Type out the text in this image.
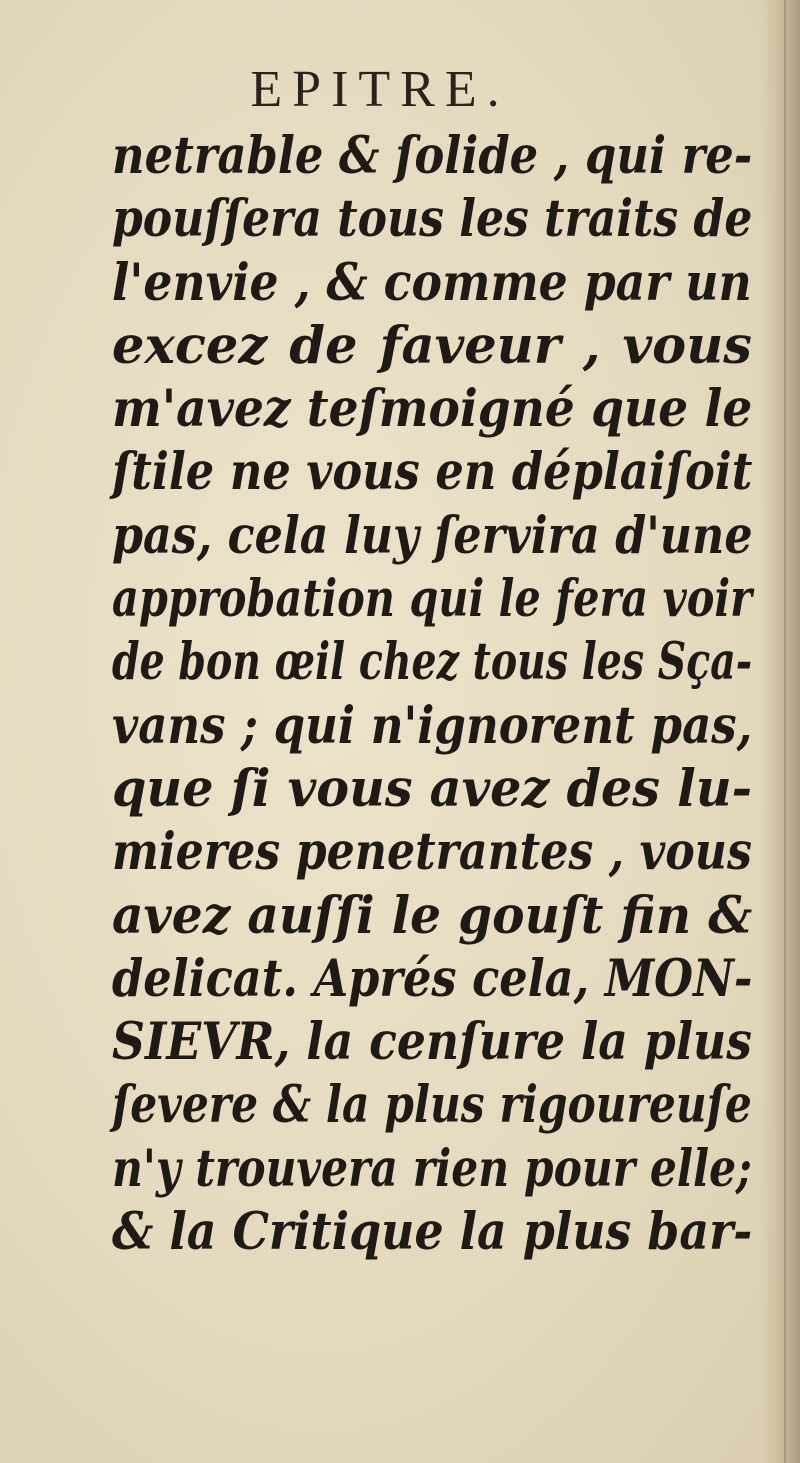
EPITRE.
netrable & ſolide , qui re-
pouſſera tous les traits de
l'envie , & comme par un
excez de faveur , vous
m'avez teſmoigné que le
ſtile ne vous en déplaiſoit
pas, cela luy ſervira d'une
approbation qui le fera voir
de bon œil chez tous les Sça-
vans ; qui n'ignorent pas,
que ſi vous avez des lu-
mieres penetrantes , vous
avez auſſi le gouſt fin &
delicat. Aprés cela, MON-
SIEVR, la cenſure la plus
ſevere & la plus rigoureuſe
n'y trouvera rien pour elle;
& la Critique la plus bar-
